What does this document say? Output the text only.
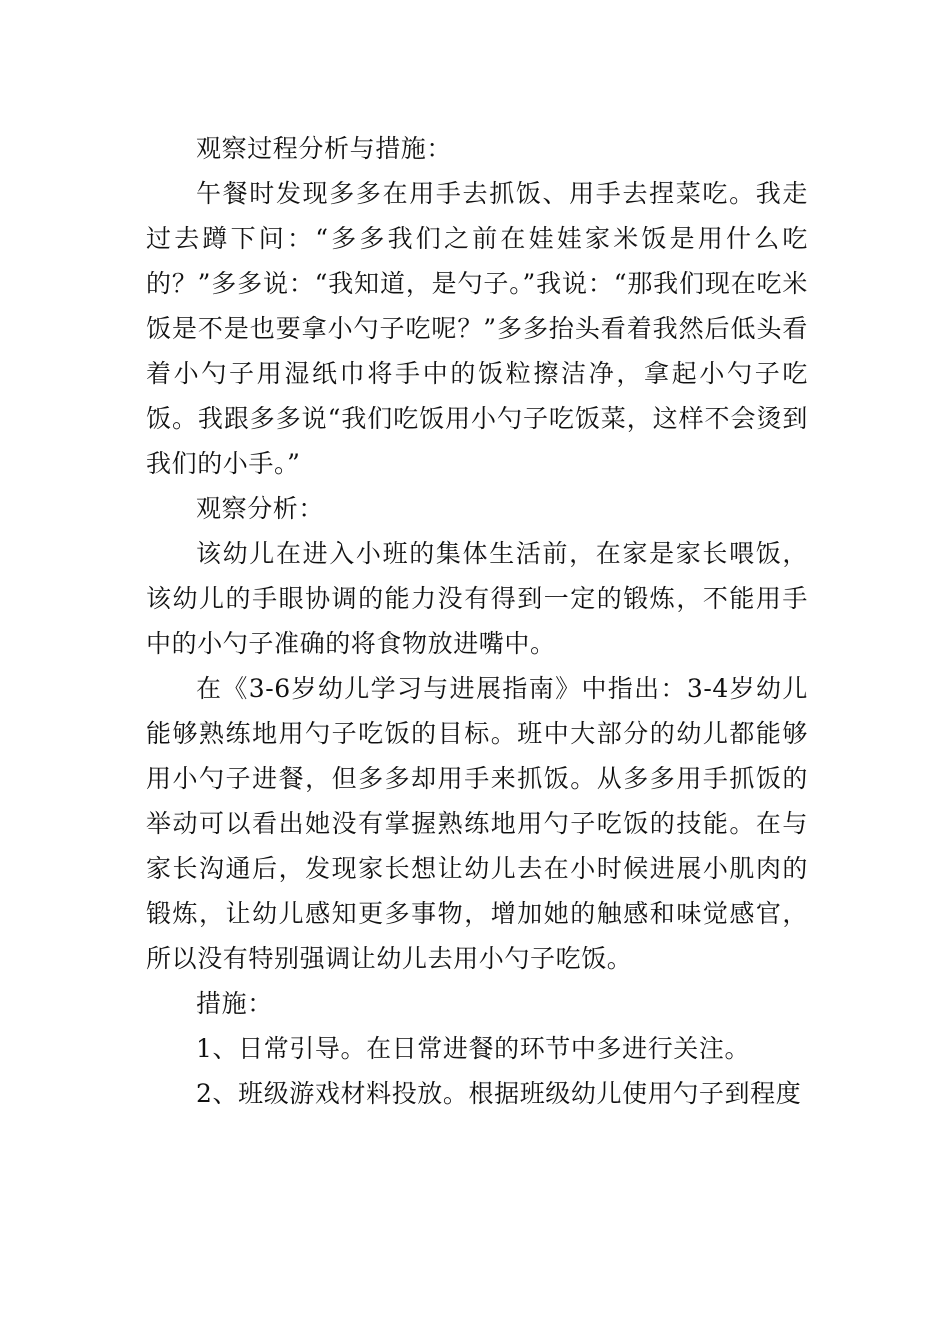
观察过程分析与措施：

午餐时发现多多在用手去抓饭、用手去捏菜吃。我走过去蹲下问：“多多我们之前在娃娃家米饭是用什么吃的？”多多说：“我知道，是勺子。”我说：“那我们现在吃米饭是不是也要拿小勺子吃呢？”多多抬头看着我然后低头看着小勺子用湿纸巾将手中的饭粒擦洁净，拿起小勺子吃饭。我跟多多说“我们吃饭用小勺子吃饭菜，这样不会烫到我们的小手。”

观察分析：

该幼儿在进入小班的集体生活前，在家是家长喂饭，该幼儿的手眼协调的能力没有得到一定的锻炼，不能用手中的小勺子准确的将食物放进嘴中。

在《3-6岁幼儿学习与进展指南》中指出：3-4岁幼儿能够熟练地用勺子吃饭的目标。班中大部分的幼儿都能够用小勺子进餐，但多多却用手来抓饭。从多多用手抓饭的举动可以看出她没有掌握熟练地用勺子吃饭的技能。在与家长沟通后，发现家长想让幼儿去在小时候进展小肌肉的锻炼，让幼儿感知更多事物，增加她的触感和味觉感官，所以没有特别强调让幼儿去用小勺子吃饭。

措施：

1、日常引导。在日常进餐的环节中多进行关注。

2、班级游戏材料投放。根据班级幼儿使用勺子到程度
